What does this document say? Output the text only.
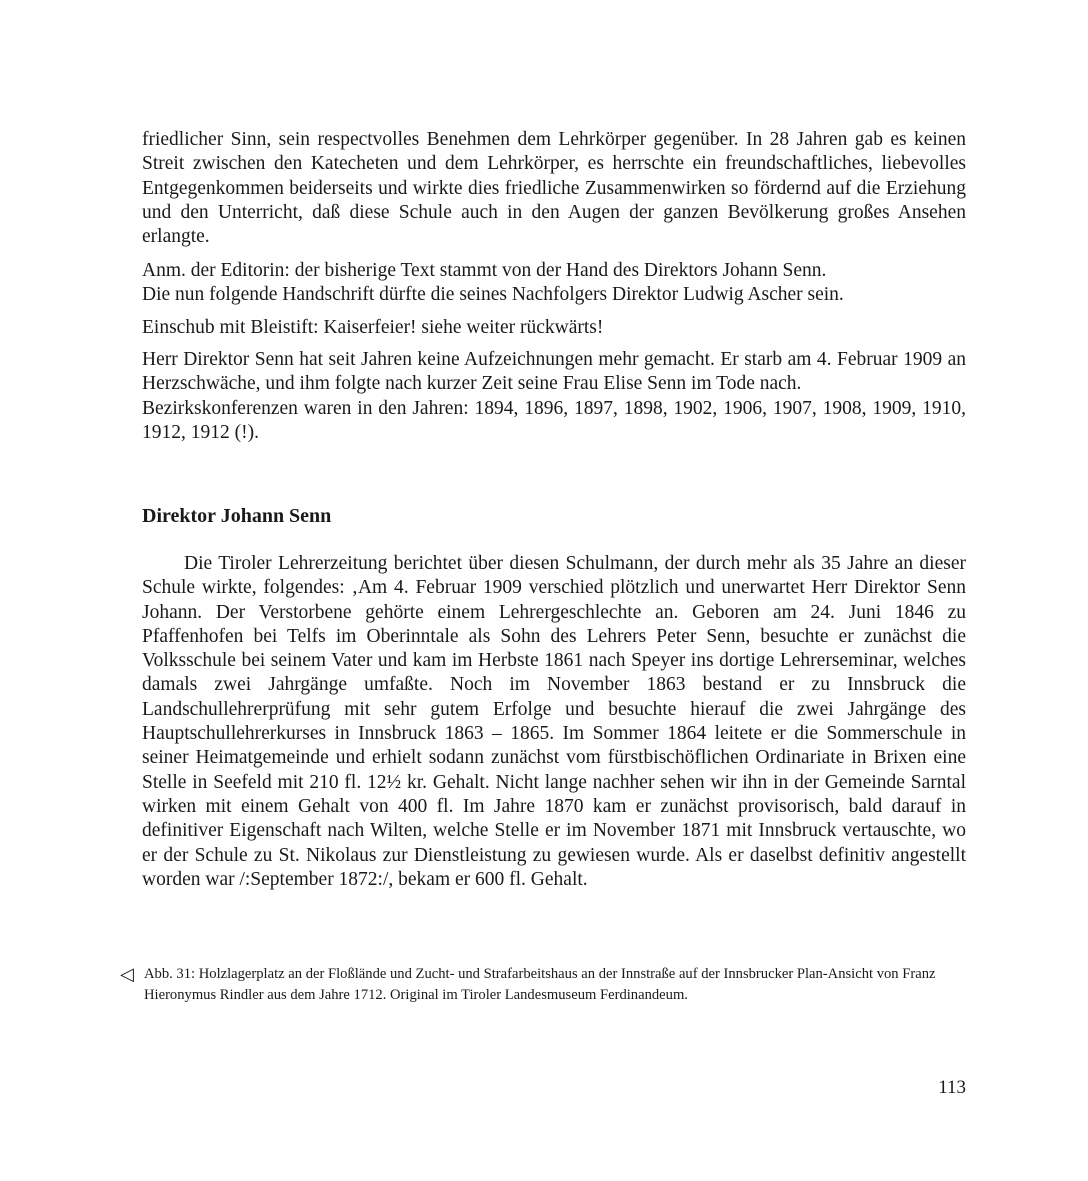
friedlicher Sinn, sein respectvolles Benehmen dem Lehrkörper gegenüber. In 28 Jahren gab es keinen Streit zwischen den Katecheten und dem Lehrkörper, es herrschte ein freundschaftliches, liebevolles Entgegenkommen beiderseits und wirkte dies friedliche Zusammenwirken so fördernd auf die Erziehung und den Unterricht, daß diese Schule auch in den Augen der ganzen Bevölkerung großes Ansehen erlangte.

Anm. der Editorin: der bisherige Text stammt von der Hand des Direktors Johann Senn.

Die nun folgende Handschrift dürfte die seines Nachfolgers Direktor Ludwig Ascher sein.

Einschub mit Bleistift: Kaiserfeier! siehe weiter rückwärts!

Herr Direktor Senn hat seit Jahren keine Aufzeichnungen mehr gemacht. Er starb am 4. Februar 1909 an Herzschwäche, und ihm folgte nach kurzer Zeit seine Frau Elise Senn im Tode nach.

Bezirkskonferenzen waren in den Jahren: 1894, 1896, 1897, 1898, 1902, 1906, 1907, 1908, 1909, 1910, 1912, 1912 (!).

Direktor Johann Senn

Die Tiroler Lehrerzeitung berichtet über diesen Schulmann, der durch mehr als 35 Jahre an dieser Schule wirkte, folgendes: ‚Am 4. Februar 1909 verschied plötzlich und unerwartet Herr Direktor Senn Johann. Der Verstorbene gehörte einem Lehrergeschlechte an. Geboren am 24. Juni 1846 zu Pfaffenhofen bei Telfs im Oberinntale als Sohn des Lehrers Peter Senn, besuchte er zunächst die Volksschule bei seinem Vater und kam im Herbste 1861 nach Speyer ins dortige Lehrerseminar, welches damals zwei Jahrgänge umfaßte. Noch im November 1863 bestand er zu Innsbruck die Landschullehrerprüfung mit sehr gutem Erfolge und besuchte hierauf die zwei Jahrgänge des Hauptschullehrerkurses in Innsbruck 1863 – 1865. Im Sommer 1864 leitete er die Sommerschule in seiner Heimatgemeinde und erhielt sodann zunächst vom fürstbischöflichen Ordinariate in Brixen eine Stelle in Seefeld mit 210 fl. 12½ kr. Gehalt. Nicht lange nachher sehen wir ihn in der Gemeinde Sarntal wirken mit einem Gehalt von 400 fl. Im Jahre 1870 kam er zunächst provisorisch, bald darauf in definitiver Eigenschaft nach Wilten, welche Stelle er im November 1871 mit Innsbruck vertauschte, wo er der Schule zu St. Nikolaus zur Dienstleistung zu gewiesen wurde. Als er daselbst definitiv angestellt worden war /:September 1872:/, bekam er 600 fl. Gehalt.

◁ Abb. 31: Holzlagerplatz an der Floßlände und Zucht- und Strafarbeitshaus an der Innstraße auf der Innsbrucker Plan-Ansicht von Franz Hieronymus Rindler aus dem Jahre 1712. Original im Tiroler Landesmuseum Ferdinandeum.
113
